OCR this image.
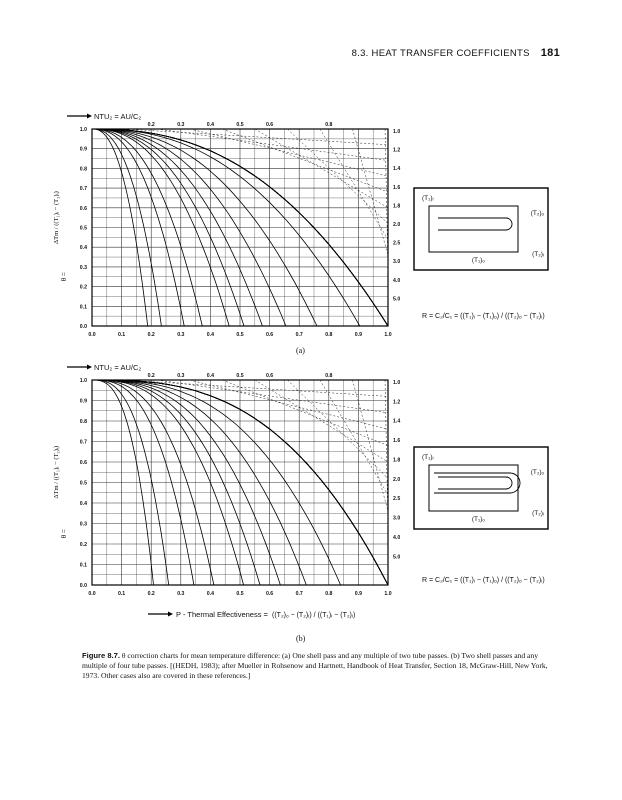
8.3. HEAT TRANSFER COEFFICIENTS 181
1.0
0.9
0.8
0.7
0.6
0.5
0.4
0.3
0.2
0.1
0.0
0.0	0.1	0.2	0.3	0.4	0.5	0.6	0.7	0.8	0.9	1.0
0.2	0.3	0.4	0.5	0.6	0.8
1.0
1.2
1.4
1.6
1.8
2.0
2.5
3.0
4.0
5.0
NTU₂ = AU/C₂
θ =
ΔTm / ((T₁)ᵢ − (T₂)ᵢ)	(T₁)ᵢ
(T₂)ₒ
(T₁)ₒ
(T₂)ᵢ
R = C₂/C₁ = ((T₁)ᵢ − (T₁)ₒ) / ((T₂)ₒ − (T₂)ᵢ)
1.0
0.9
0.8
0.7
0.6
0.5
0.4
0.3
0.2
0.1
0.0
0.0	0.1	0.2	0.3	0.4	0.5	0.6	0.7	0.8	0.9	1.0
0.2	0.3	0.4	0.5	0.6	0.8
1.0
1.2
1.4
1.6
1.8
2.0
2.5
3.0
4.0
5.0
NTU₂ = AU/C₂
θ =
ΔTm / ((T₁)ᵢ − (T₂)ᵢ)	(T₁)ᵢ
(T₂)ₒ
(T₁)ₒ
(T₂)ᵢ
R = C₂/C₁ = ((T₁)ᵢ − (T₁)ₒ) / ((T₂)ₒ − (T₂)ᵢ)
P - Thermal Effectiveness = ((T₂)ₒ − (T₂)ᵢ) / ((T₁)ᵢ − (T₂)ᵢ)
(a)
(b)
Figure 8.7. θ correction charts for mean temperature difference: (a) One shell pass and any multiple of two tube passes. (b) Two shell passes and any multiple of four tube passes. [(HEDH, 1983); after Mueller in Rohsenow and Hartnett, Handbook of Heat Transfer, Section 18, McGraw-Hill, New York, 1973. Other cases also are covered in these references.]
